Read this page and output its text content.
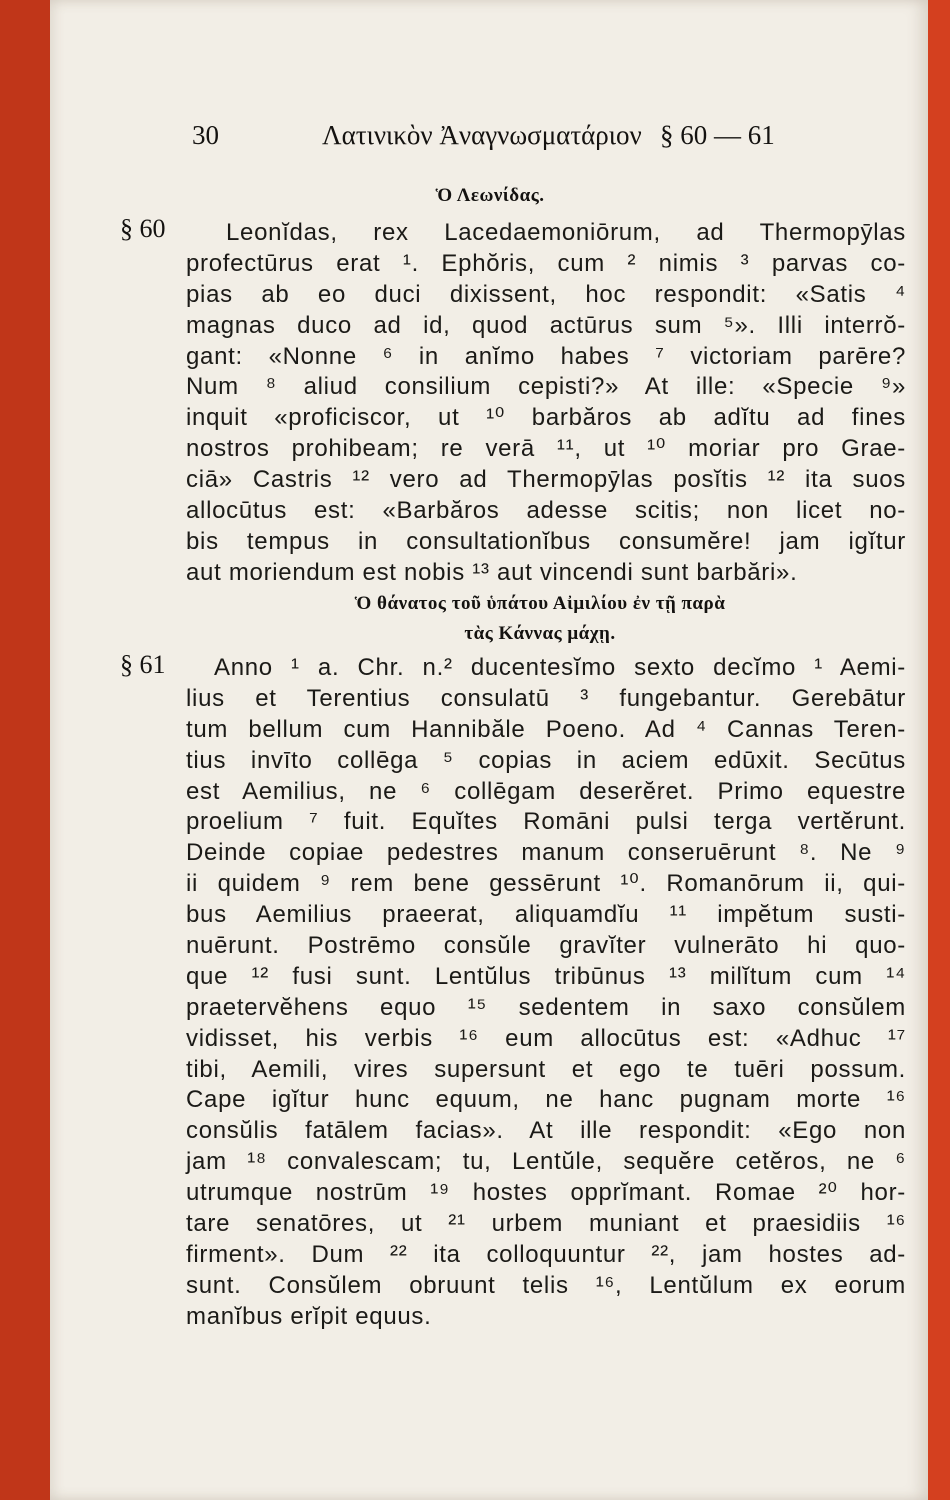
30	Λατινικὸν Ἀναγνωσματάριον § 60 — 61
Ὁ Λεωνίδας.
§ 60	Leonĭdas, rex Lacedaemoniōrum, ad Thermopȳlas
profectūrus erat ¹. Ephŏris, cum ² nimis ³ parvas co-
pias ab eo duci dixissent, hoc respondit: «Satis ⁴
magnas duco ad id, quod actūrus sum ⁵». Illi interrŏ-
gant: «Nonne ⁶ in anĭmo habes ⁷ victoriam parēre?
Num ⁸ aliud consilium cepisti?» At ille: «Specie ⁹»
inquit «proficiscor, ut ¹⁰ barbăros ab adĭtu ad fines
nostros prohibeam; re verā ¹¹, ut ¹⁰ moriar pro Grae-
ciā» Castris ¹² vero ad Thermopȳlas posĭtis ¹² ita suos
allocūtus est: «Barbăros adesse scitis; non licet no-
bis tempus in consultationĭbus consumĕre! jam igĭtur
aut moriendum est nobis ¹³ aut vincendi sunt barbări».
Ὁ θάνατος τοῦ ὑπάτου Αἰμιλίου ἐν τῇ παρὰ
τὰς Κάννας μάχῃ.
§ 61	Anno ¹ a. Chr. n.² ducentesĭmo sexto decĭmo ¹ Aemi-
lius et Terentius consulatū ³ fungebantur. Gerebātur
tum bellum cum Hannibăle Poeno. Ad ⁴ Cannas Teren-
tius invīto collēga ⁵ copias in aciem edūxit. Secūtus
est Aemilius, ne ⁶ collēgam deserĕret. Primo equestre
proelium ⁷ fuit. Equĭtes Romāni pulsi terga vertĕrunt.
Deinde copiae pedestres manum conseruērunt ⁸. Ne ⁹
ii quidem ⁹ rem bene gessērunt ¹⁰. Romanōrum ii, qui-
bus Aemilius praeerat, aliquamdĭu ¹¹ impĕtum susti-
nuērunt. Postrēmo consŭle gravĭter vulnerāto hi quo-
que ¹² fusi sunt. Lentŭlus tribūnus ¹³ milĭtum cum ¹⁴
praetervĕhens equo ¹⁵ sedentem in saxo consŭlem
vidisset, his verbis ¹⁶ eum allocūtus est: «Adhuc ¹⁷
tibi, Aemili, vires supersunt et ego te tuēri possum.
Cape igĭtur hunc equum, ne hanc pugnam morte ¹⁶
consŭlis fatālem facias». At ille respondit: «Ego non
jam ¹⁸ convalescam; tu, Lentŭle, sequĕre cetĕros, ne ⁶
utrumque nostrūm ¹⁹ hostes opprĭmant. Romae ²⁰ hor-
tare senatōres, ut ²¹ urbem muniant et praesidiis ¹⁶
firment». Dum ²² ita colloquuntur ²², jam hostes ad-
sunt. Consŭlem obruunt telis ¹⁶, Lentŭlum ex eorum
manĭbus erĭpit equus.
